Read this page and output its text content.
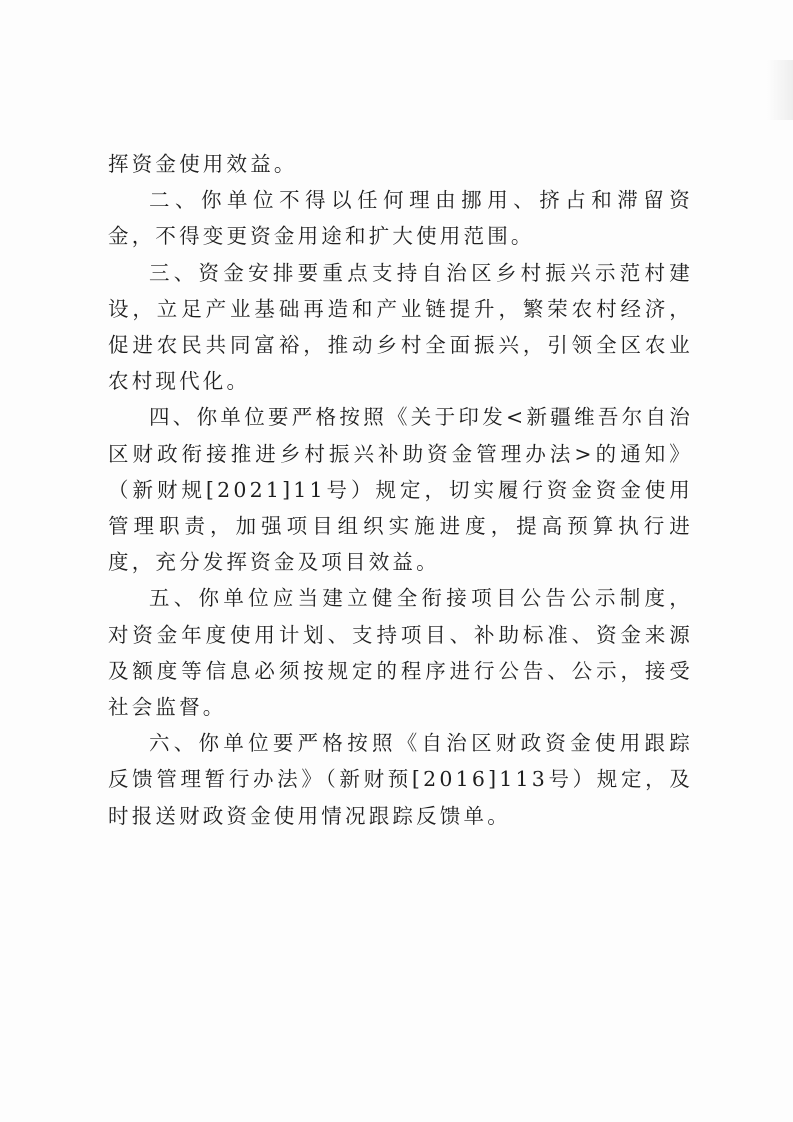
挥资金使用效益。

二、你单位不得以任何理由挪用、挤占和滞留资金，不得变更资金用途和扩大使用范围。

三、资金安排要重点支持自治区乡村振兴示范村建设，立足产业基础再造和产业链提升，繁荣农村经济，促进农民共同富裕，推动乡村全面振兴，引领全区农业农村现代化。

四、你单位要严格按照《关于印发<新疆维吾尔自治区财政衔接推进乡村振兴补助资金管理办法>的通知》（新财规[2021]11号）规定，切实履行资金资金使用管理职责，加强项目组织实施进度，提高预算执行进度，充分发挥资金及项目效益。

五、你单位应当建立健全衔接项目公告公示制度，对资金年度使用计划、支持项目、补助标准、资金来源及额度等信息必须按规定的程序进行公告、公示，接受社会监督。

六、你单位要严格按照《自治区财政资金使用跟踪反馈管理暂行办法》（新财预[2016]113号）规定，及时报送财政资金使用情况跟踪反馈单。
